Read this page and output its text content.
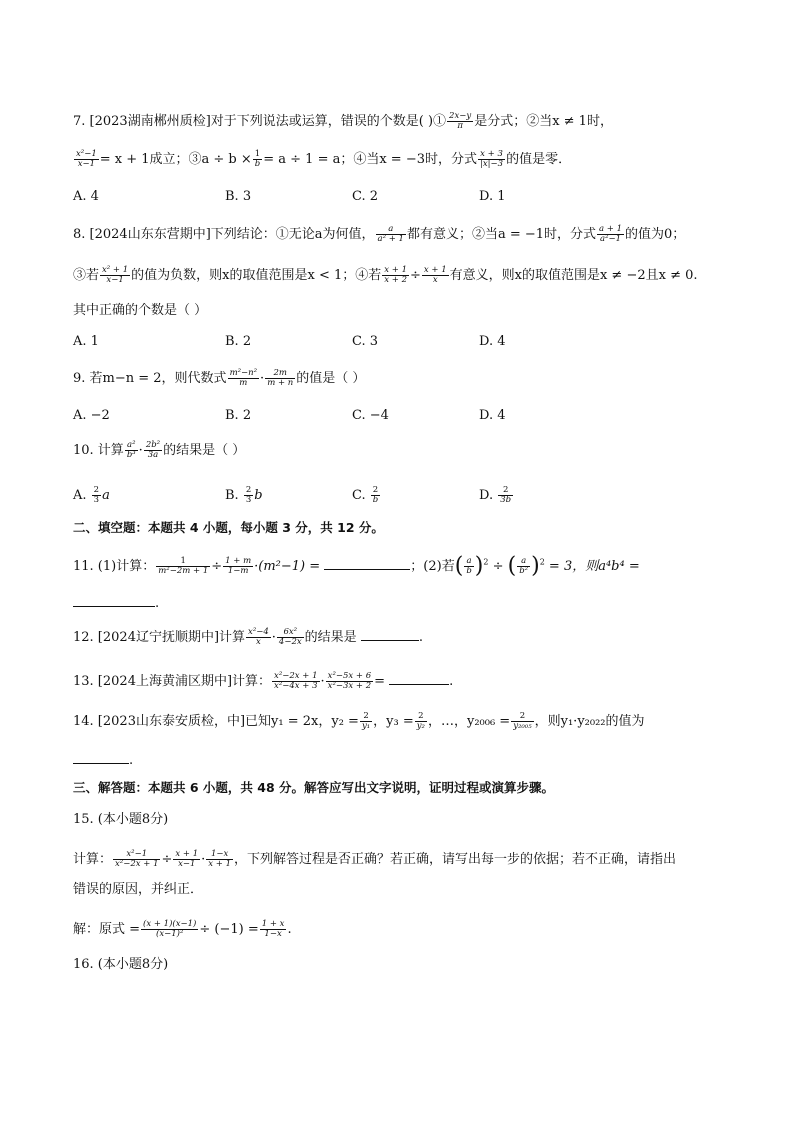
7. [2023湖南郴州质检]对于下列说法或运算，错误的个数是( )① $\frac{2x-y}{\pi}$ 是分式；②当x ≠ 1时，
$\frac{\text{x²−1}}{x-1} = x + 1$成立；③a ÷ $b \times \frac{1}{b} = a \div 1 = a$；④当x = −3时，分式 $\frac{x + 3}{|x|-3}$ 的值是零．
A. 4	B. 3	C. 2	D. 1
8. [2024山东东营期中]下列结论：①无论a为何值， $\frac{a}{\text{a² + 1}}$ 都有意义；②当a = −1时，分式 $\frac{a + 1}{\text{a²−1}}$ 的值为0；
③若 $\frac{\text{x² + 1}}{x-1}$ 的值为负数，则x的取值范围是x < 1；④若 $\frac{x + 1}{x + 2} \div \frac{x + 1}{x}$ 有意义，则x的取值范围是x ≠ −2且x ≠ 0.
其中正确的个数是（ ）
A. 1	B. 2	C. 3	D. 4
9. 若m−n = 2，则代数式 $\frac{\text{m²−n²}}{m} \cdot \frac{2m}{m + n}$ 的值是（ ）
A. −2	B. 2	C. −4	D. 4
10. 计算 $\frac{\text{a²}}{\text{b³}} \cdot \frac{\text{2b²}}{3a}$ 的结果是（ ）
A. $\frac{2}{3}$ a	B. $\frac{2}{3}$ b	C. $\frac{2}{b}$	D. $\frac{2}{3b}$
二、填空题：本题共 4 小题，每小题 3 分，共 12 分。
11. (1)计算： $\frac{1}{\text{m²−2m + 1}} \div \frac{1 + m}{1-m} \cdot(m^2-1)$ =	；(2)若( $\frac{a}{b} )^2$ ÷ ( $\frac{a}{\text{b²}} )^2 = 3$，则a⁴b⁴ =
.
12. [2024辽宁抚顺期中]计算 $\frac{\text{x²−4}}{x} \cdot \frac{\text{6x²}}{4-2x}$ 的结果是	.
13. [2024上海黄浦区期中]计算： $\frac{\text{x²−2x + 1}}{\text{x²−4x + 3}} \cdot \frac{\text{x²−5x + 6}}{\text{x²−3x + 2}}$ =	.
14. [2023山东泰安质检，中]已知y₁ = 2x，$y_2 = \frac{2}{\text{y₁}}$ ，$y_3 = \frac{2}{\text{y₂}}$ ，…，$y_{2006} = \frac{2}{\text{y₂₀₀₅}}$ ，则y₁·y₂₀₂₂的值为
.
三、解答题：本题共 6 小题，共 48 分。解答应写出文字说明，证明过程或演算步骤。
15. (本小题8分)
计算： $\frac{\text{x²−1}}{\text{x²−2x + 1}} \div \frac{x + 1}{x-1} \cdot \frac{1-x}{x + 1}$ ，下列解答过程是否正确？若正确，请写出每一步的依据；若不正确，请指出
错误的原因，并纠正．
解：原式 = $\frac{(x + 1)(x-1)}{\text{(x−1)²}} \div (-1) = \frac{1 + x}{1-x}$ .
16. (本小题8分)
